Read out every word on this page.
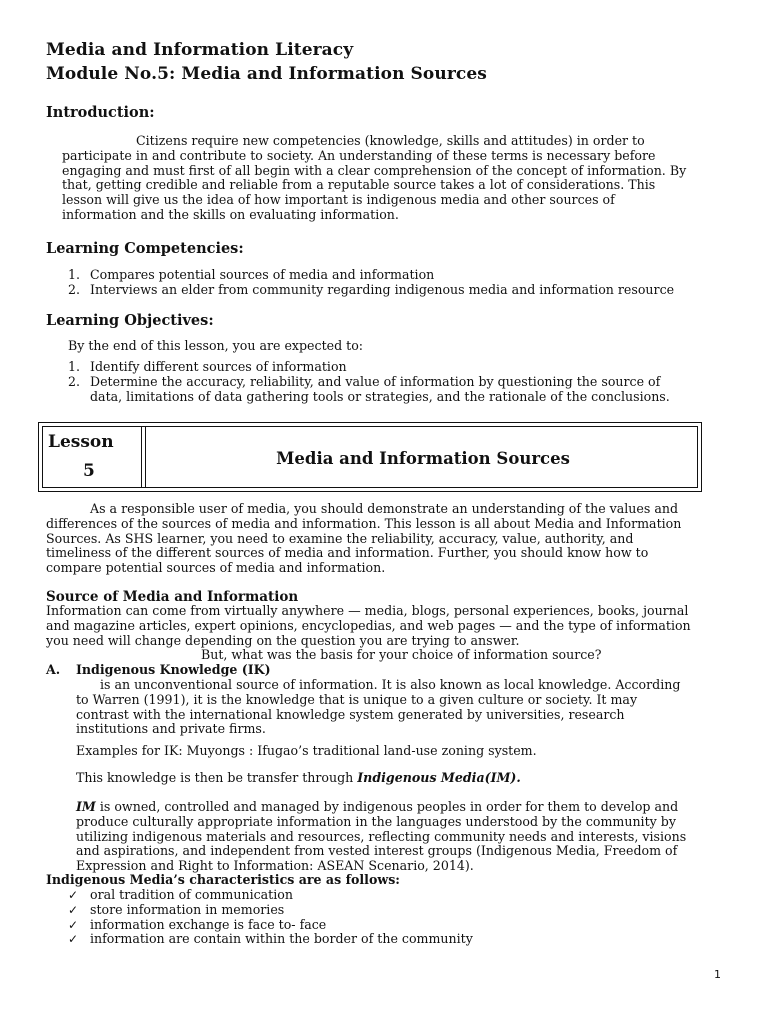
Media and Information Literacy
Module No.5: Media and Information Sources
Introduction:
Citizens require new competencies (knowledge, skills and attitudes) in order to
participate in and contribute to society. An understanding of these terms is necessary before
engaging and must first of all begin with a clear comprehension of the concept of information. By
that, getting credible and reliable from a reputable source takes a lot of considerations. This
lesson will give us the idea of how important is indigenous media and other sources of
information and the skills on evaluating information.
Learning Competencies:
1. Compares potential sources of media and information
2. Interviews an elder from community regarding indigenous media and information resource
Learning Objectives:
By the end of this lesson, you are expected to:
1. Identify different sources of information
2. Determine the accuracy, reliability, and value of information by questioning the source of
data, limitations of data gathering tools or strategies, and the rationale of the conclusions.
Lesson
5
Media and Information Sources
As a responsible user of media, you should demonstrate an understanding of the values and
differences of the sources of media and information. This lesson is all about Media and Information
Sources. As SHS learner, you need to examine the reliability, accuracy, value, authority, and
timeliness of the different sources of media and information. Further, you should know how to
compare potential sources of media and information.
Source of Media and Information
Information can come from virtually anywhere — media, blogs, personal experiences, books, journal
and magazine articles, expert opinions, encyclopedias, and web pages — and the type of information
you need will change depending on the question you are trying to answer.
But, what was the basis for your choice of information source?
A. Indigenous Knowledge (IK)
is an unconventional source of information. It is also known as local knowledge. According
to Warren (1991), it is the knowledge that is unique to a given culture or society. It may
contrast with the international knowledge system generated by universities, research
institutions and private firms.
Examples for IK: Muyongs : Ifugao’s traditional land-use zoning system.
This knowledge is then be transfer through Indigenous Media(IM).
IM is owned, controlled and managed by indigenous peoples in order for them to develop and
produce culturally appropriate information in the languages understood by the community by
utilizing indigenous materials and resources, reflecting community needs and interests, visions
and aspirations, and independent from vested interest groups (Indigenous Media, Freedom of
Expression and Right to Information: ASEAN Scenario, 2014).
Indigenous Media’s characteristics are as follows:
✓ oral tradition of communication
✓ store information in memories
✓ information exchange is face to- face
✓ information are contain within the border of the community
1
